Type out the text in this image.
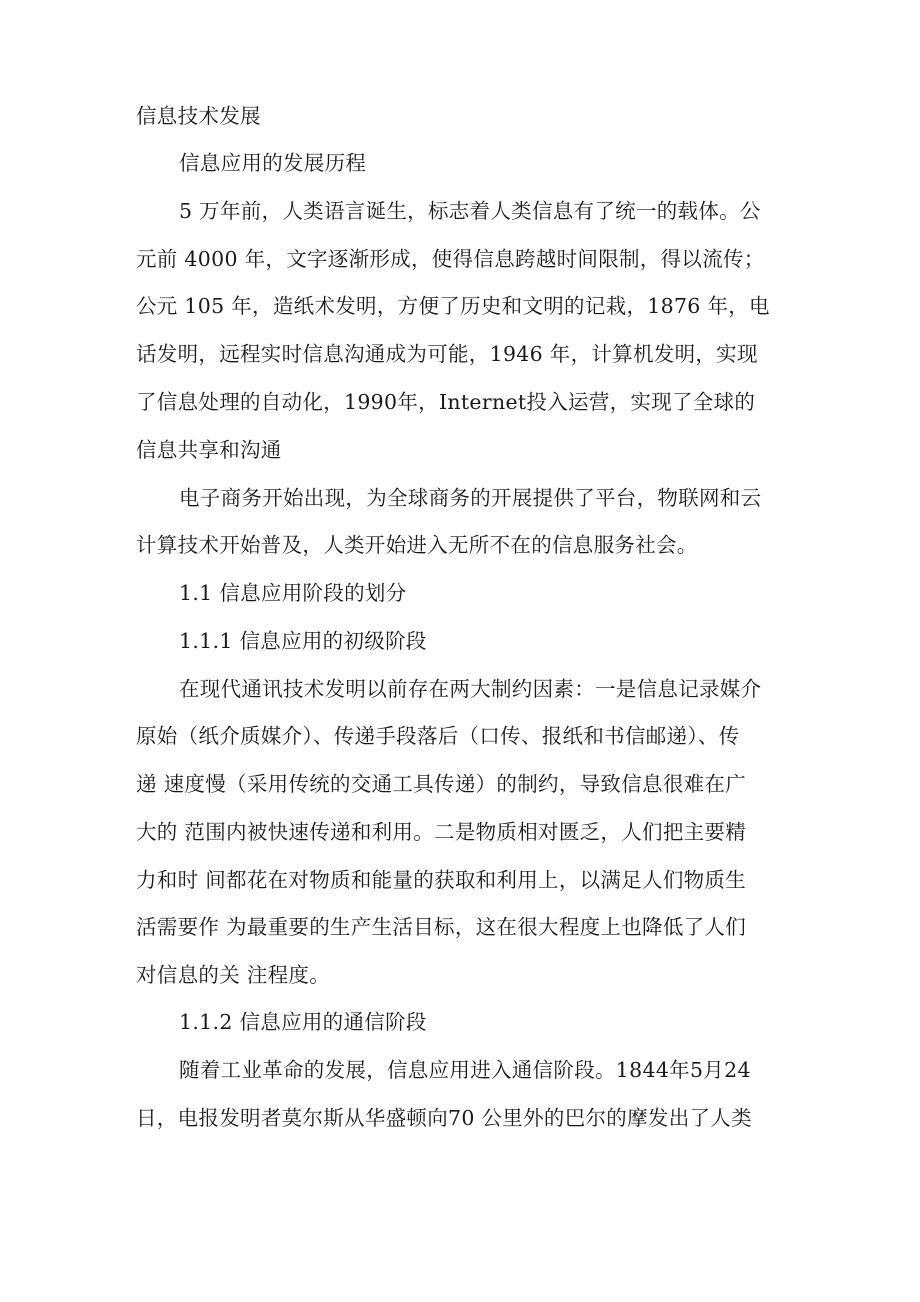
信息技术发展
信息应用的发展历程
5 万年前，人类语言诞生，标志着人类信息有了统一的载体。公
元前 4000 年，文字逐渐形成，使得信息跨越时间限制，得以流传；
公元 105 年，造纸术发明，方便了历史和文明的记栽，1876 年，电
话发明，远程实时信息沟通成为可能，1946 年，计算机发明，实现
了信息处理的自动化，1990年，Internet投入运营，实现了全球的
信息共享和沟通
电子商务开始出现，为全球商务的开展提供了平台，物联网和云
计算技术开始普及，人类开始进入无所不在的信息服务社会。
1.1 信息应用阶段的划分
1.1.1 信息应用的初级阶段
在现代通讯技术发明以前存在两大制约因素：一是信息记录媒介
原始（纸介质媒介）、传递手段落后（口传、报纸和书信邮递）、传
递 速度慢（采用传统的交通工具传递）的制约，导致信息很难在广
大的 范围内被快速传递和利用。二是物质相对匮乏，人们把主要精
力和时 间都花在对物质和能量的获取和利用上，以满足人们物质生
活需要作 为最重要的生产生活目标，这在很大程度上也降低了人们
对信息的关 注程度。
1.1.2 信息应用的通信阶段
随着工业革命的发展，信息应用进入通信阶段。1844年5月24
日，电报发明者莫尔斯从华盛顿向70 公里外的巴尔的摩发出了人类
